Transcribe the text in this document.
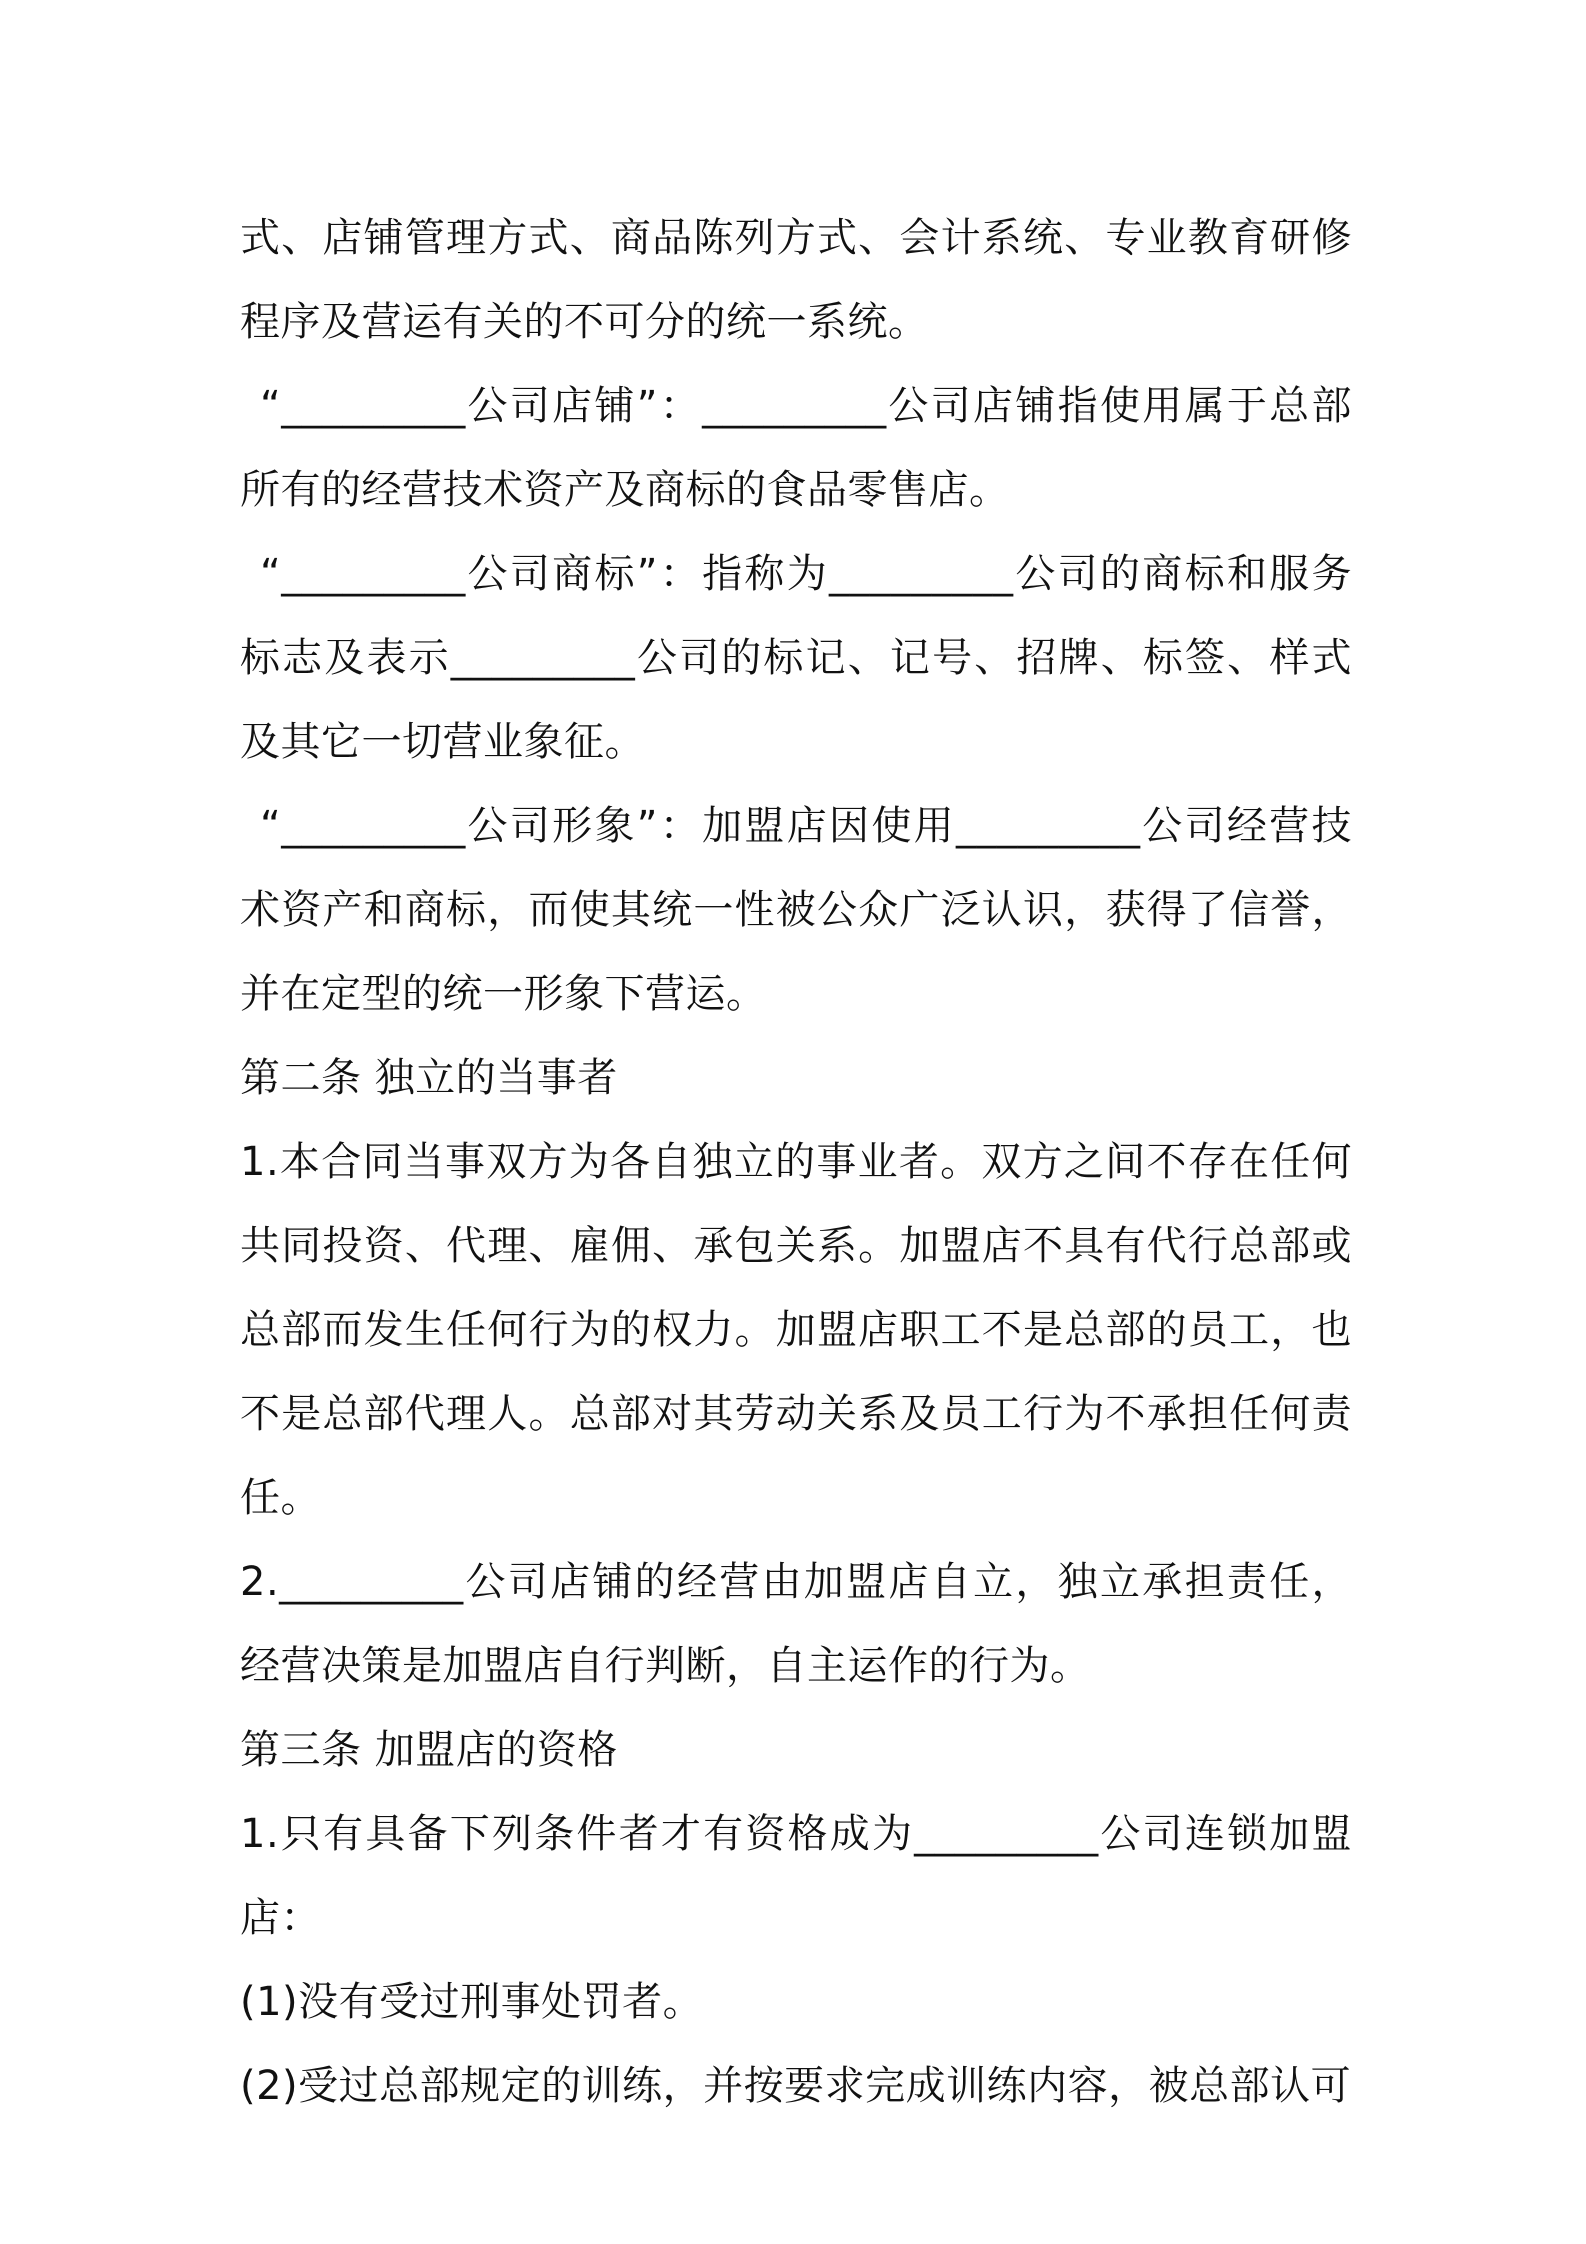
式、店铺管理方式、商品陈列方式、会计系统、专业教育研修程序及营运有关的不可分的统一系统。

“_________公司店铺”：_________公司店铺指使用属于总部所有的经营技术资产及商标的食品零售店。

“_________公司商标”：指称为_________公司的商标和服务标志及表示_________公司的标记、记号、招牌、标签、样式及其它一切营业象征。

“_________公司形象”：加盟店因使用_________公司经营技术资产和商标，而使其统一性被公众广泛认识，获得了信誉，并在定型的统一形象下营运。

第二条 独立的当事者

1.本合同当事双方为各自独立的事业者。双方之间不存在任何共同投资、代理、雇佣、承包关系。加盟店不具有代行总部或总部而发生任何行为的权力。加盟店职工不是总部的员工，也不是总部代理人。总部对其劳动关系及员工行为不承担任何责任。

2._________公司店铺的经营由加盟店自立，独立承担责任，经营决策是加盟店自行判断，自主运作的行为。

第三条 加盟店的资格

1.只有具备下列条件者才有资格成为_________公司连锁加盟店：

(1)没有受过刑事处罚者。

(2)受过总部规定的训练，并按要求完成训练内容，被总部认可
